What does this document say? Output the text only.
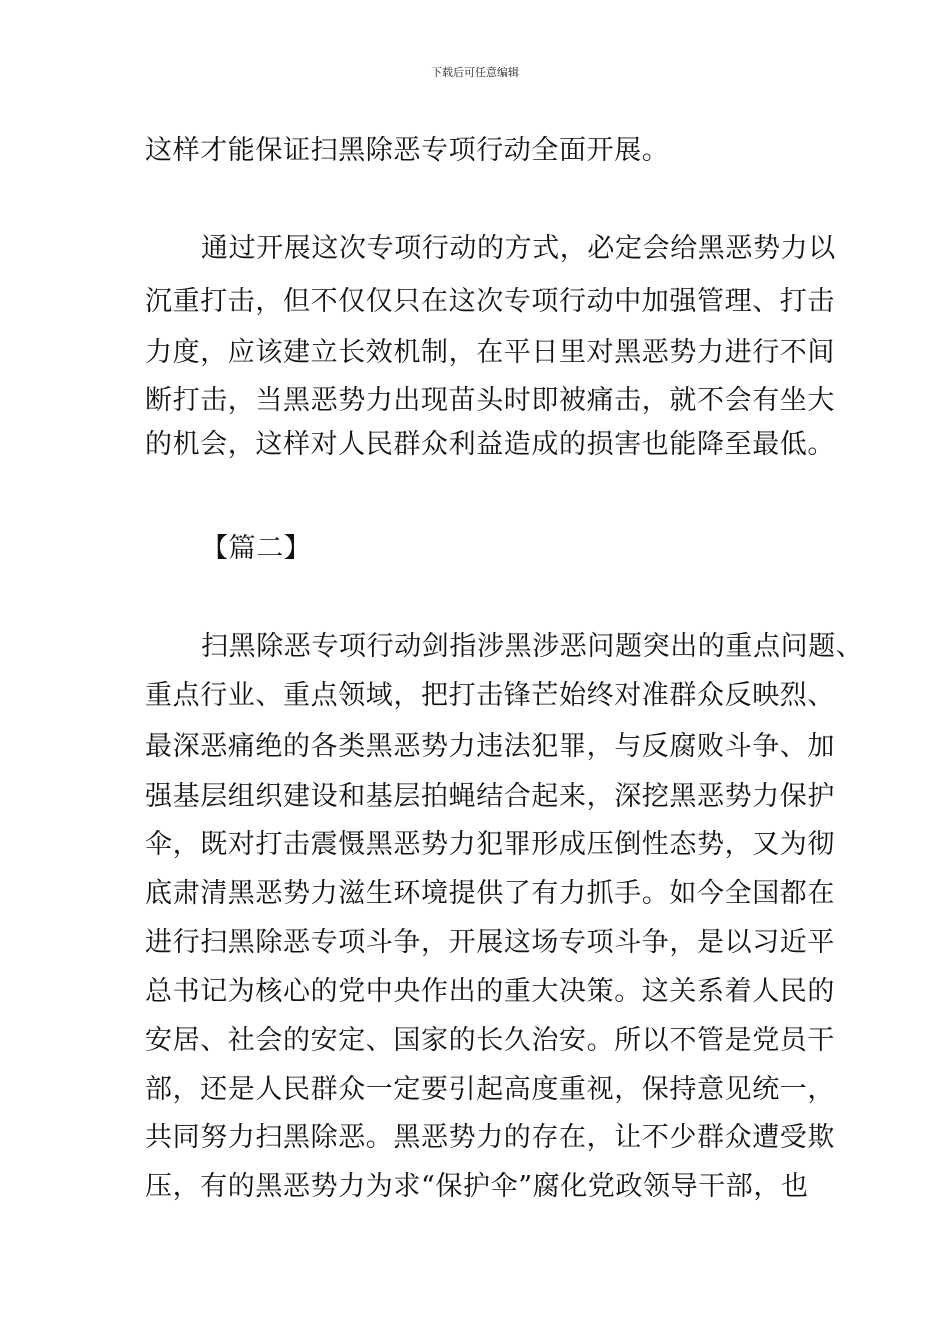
下载后可任意编辑
这样才能保证扫黑除恶专项行动全面开展。
通过开展这次专项行动的方式，必定会给黑恶势力以
沉重打击，但不仅仅只在这次专项行动中加强管理、打击
力度，应该建立长效机制，在平日里对黑恶势力进行不间
断打击，当黑恶势力出现苗头时即被痛击，就不会有坐大
的机会，这样对人民群众利益造成的损害也能降至最低。
【篇二】
扫黑除恶专项行动剑指涉黑涉恶问题突出的重点问题、
重点行业、重点领域，把打击锋芒始终对准群众反映烈、
最深恶痛绝的各类黑恶势力违法犯罪，与反腐败斗争、加
强基层组织建设和基层拍蝇结合起来，深挖黑恶势力保护
伞，既对打击震慑黑恶势力犯罪形成压倒性态势，又为彻
底肃清黑恶势力滋生环境提供了有力抓手。如今全国都在
进行扫黑除恶专项斗争，开展这场专项斗争，是以习近平
总书记为核心的党中央作出的重大决策。这关系着人民的
安居、社会的安定、国家的长久治安。所以不管是党员干
部，还是人民群众一定要引起高度重视，保持意见统一，
共同努力扫黑除恶。黑恶势力的存在，让不少群众遭受欺
压，有的黑恶势力为求“保护伞”腐化党政领导干部，也
